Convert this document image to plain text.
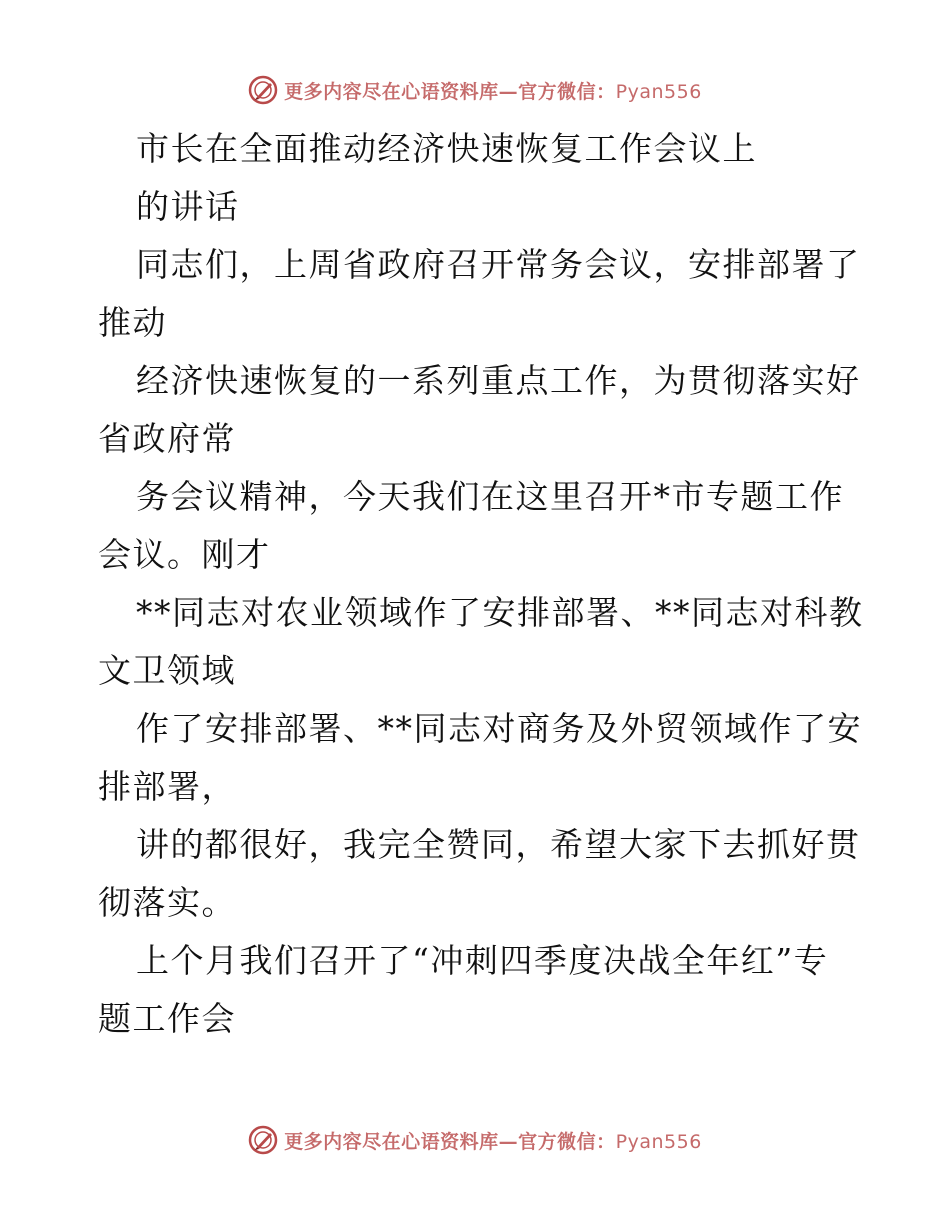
更多内容尽在心语资料库—官方微信：Pyan556

市长在全面推动经济快速恢复工作会议上

的讲话

同志们，上周省政府召开常务会议，安排部署了

推动

经济快速恢复的一系列重点工作，为贯彻落实好

省政府常

务会议精神，今天我们在这里召开*市专题工作

会议。刚才

**同志对农业领域作了安排部署、**同志对科教

文卫领域

作了安排部署、**同志对商务及外贸领域作了安

排部署，

讲的都很好，我完全赞同，希望大家下去抓好贯

彻落实。

上个月我们召开了“冲刺四季度决战全年红”专

题工作会

更多内容尽在心语资料库—官方微信：Pyan556
